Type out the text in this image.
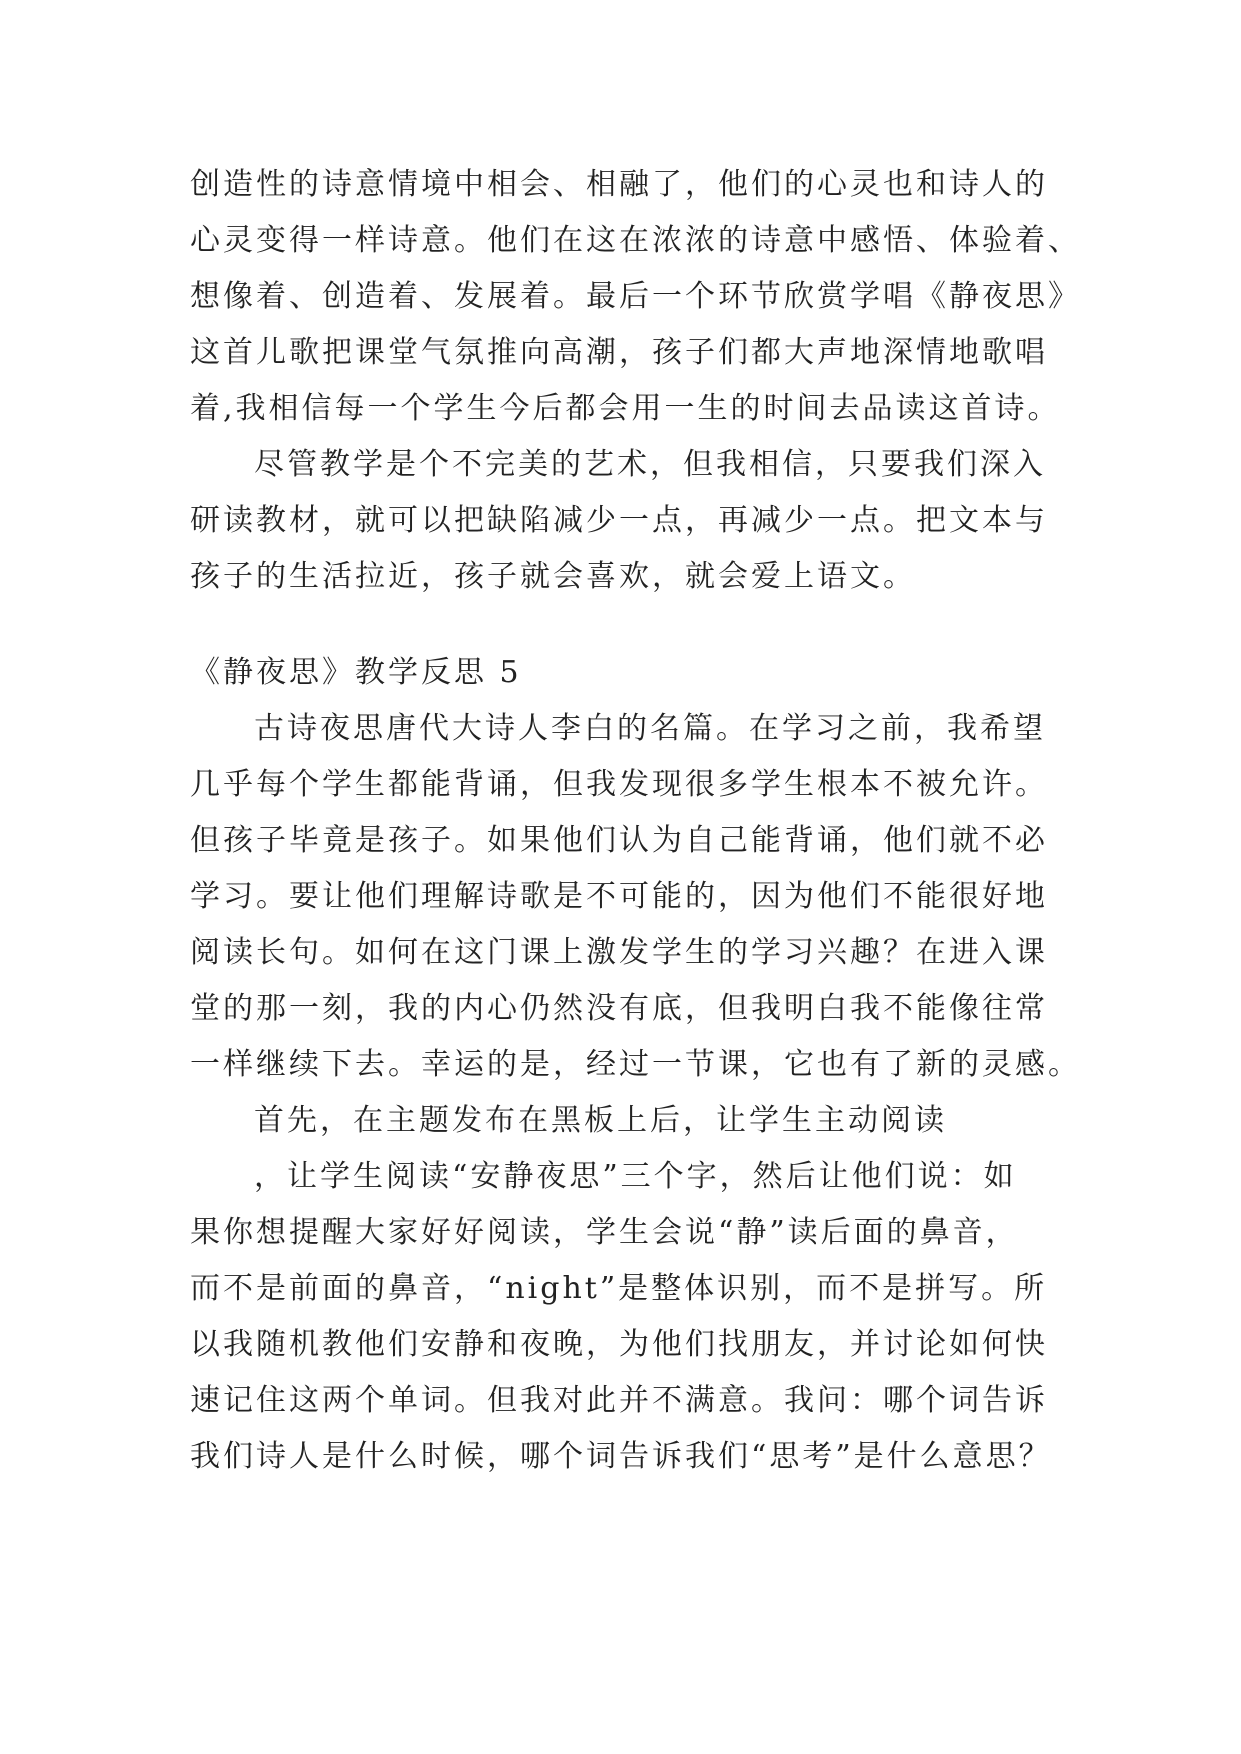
创造性的诗意情境中相会、相融了，他们的心灵也和诗人的
心灵变得一样诗意。他们在这在浓浓的诗意中感悟、体验着、
想像着、创造着、发展着。最后一个环节欣赏学唱《静夜思》
这首儿歌把课堂气氛推向高潮，孩子们都大声地深情地歌唱
着,我相信每一个学生今后都会用一生的时间去品读这首诗。
尽管教学是个不完美的艺术，但我相信，只要我们深入
研读教材，就可以把缺陷减少一点，再减少一点。把文本与
孩子的生活拉近，孩子就会喜欢，就会爱上语文。
《静夜思》教学反思 5
古诗夜思唐代大诗人李白的名篇。在学习之前，我希望
几乎每个学生都能背诵，但我发现很多学生根本不被允许。
但孩子毕竟是孩子。如果他们认为自己能背诵，他们就不必
学习。要让他们理解诗歌是不可能的，因为他们不能很好地
阅读长句。如何在这门课上激发学生的学习兴趣？在进入课
堂的那一刻，我的内心仍然没有底，但我明白我不能像往常
一样继续下去。幸运的是，经过一节课，它也有了新的灵感。
首先，在主题发布在黑板上后，让学生主动阅读
，让学生阅读“安静夜思”三个字，然后让他们说：如
果你想提醒大家好好阅读，学生会说“静”读后面的鼻音，
而不是前面的鼻音，“night”是整体识别，而不是拼写。所
以我随机教他们安静和夜晚，为他们找朋友，并讨论如何快
速记住这两个单词。但我对此并不满意。我问：哪个词告诉
我们诗人是什么时候，哪个词告诉我们“思考”是什么意思？
